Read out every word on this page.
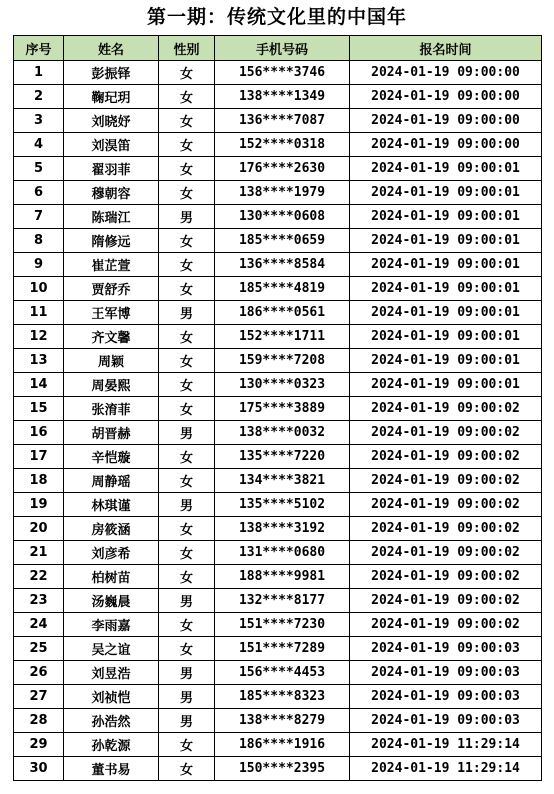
第一期：传统文化里的中国年
序号	姓名	性别	手机号码	报名时间
1	彭振铎	女	156****3746	2024-01-19 09:00:00
2	鞠玘玥	女	138****1349	2024-01-19 09:00:00
3	刘晓妤	女	136****7087	2024-01-19 09:00:00
4	刘淏笛	女	152****0318	2024-01-19 09:00:00
5	翟羽菲	女	176****2630	2024-01-19 09:00:01
6	穆朝容	女	138****1979	2024-01-19 09:00:01
7	陈瑞江	男	130****0608	2024-01-19 09:00:01
8	隋修远	女	185****0659	2024-01-19 09:00:01
9	崔芷萱	女	136****8584	2024-01-19 09:00:01
10	贾舒乔	女	185****4819	2024-01-19 09:00:01
11	王军博	男	186****0561	2024-01-19 09:00:01
12	齐文馨	女	152****1711	2024-01-19 09:00:01
13	周颖	女	159****7208	2024-01-19 09:00:01
14	周晏熙	女	130****0323	2024-01-19 09:00:01
15	张淯菲	女	175****3889	2024-01-19 09:00:02
16	胡晋赫	男	138****0032	2024-01-19 09:00:02
17	辛恺璇	女	135****7220	2024-01-19 09:00:02
18	周静瑶	女	134****3821	2024-01-19 09:00:02
19	林琪谨	男	135****5102	2024-01-19 09:00:02
20	房筱涵	女	138****3192	2024-01-19 09:00:02
21	刘彦希	女	131****0680	2024-01-19 09:00:02
22	柏树苗	女	188****9981	2024-01-19 09:00:02
23	汤巍晨	男	132****8177	2024-01-19 09:00:02
24	李雨嘉	女	151****7230	2024-01-19 09:00:02
25	吴之谊	女	151****7289	2024-01-19 09:00:03
26	刘昱浩	男	156****4453	2024-01-19 09:00:03
27	刘祯恺	男	185****8323	2024-01-19 09:00:03
28	孙浩然	男	138****8279	2024-01-19 09:00:03
29	孙乾源	女	186****1916	2024-01-19 11:29:14
30	董书易	女	150****2395	2024-01-19 11:29:14
